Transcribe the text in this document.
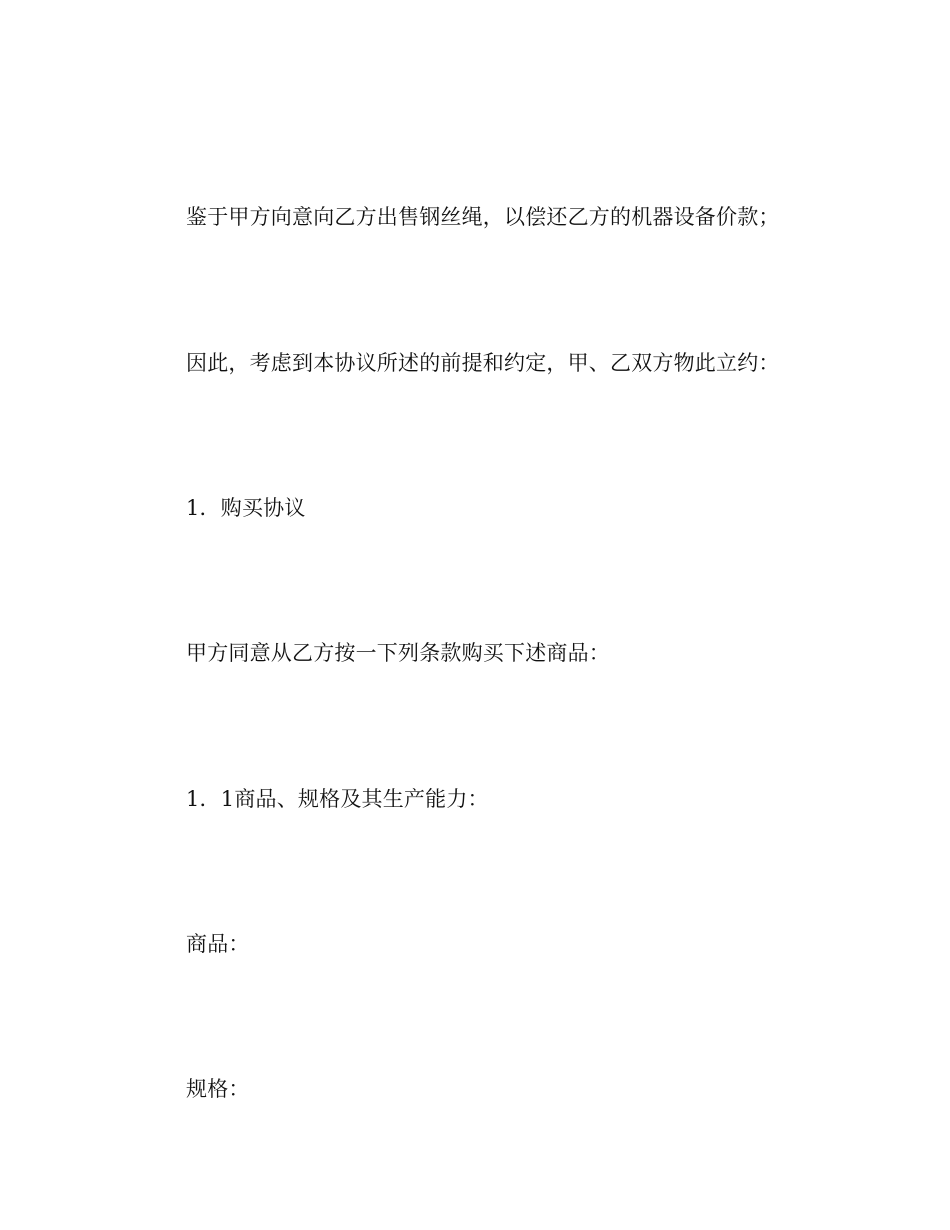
鉴于甲方向意向乙方出售钢丝绳，以偿还乙方的机器设备价款；

因此，考虑到本协议所述的前提和约定，甲、乙双方物此立约：

1．购买协议

甲方同意从乙方按一下列条款购买下述商品：

1．1商品、规格及其生产能力：

商品：

规格：
